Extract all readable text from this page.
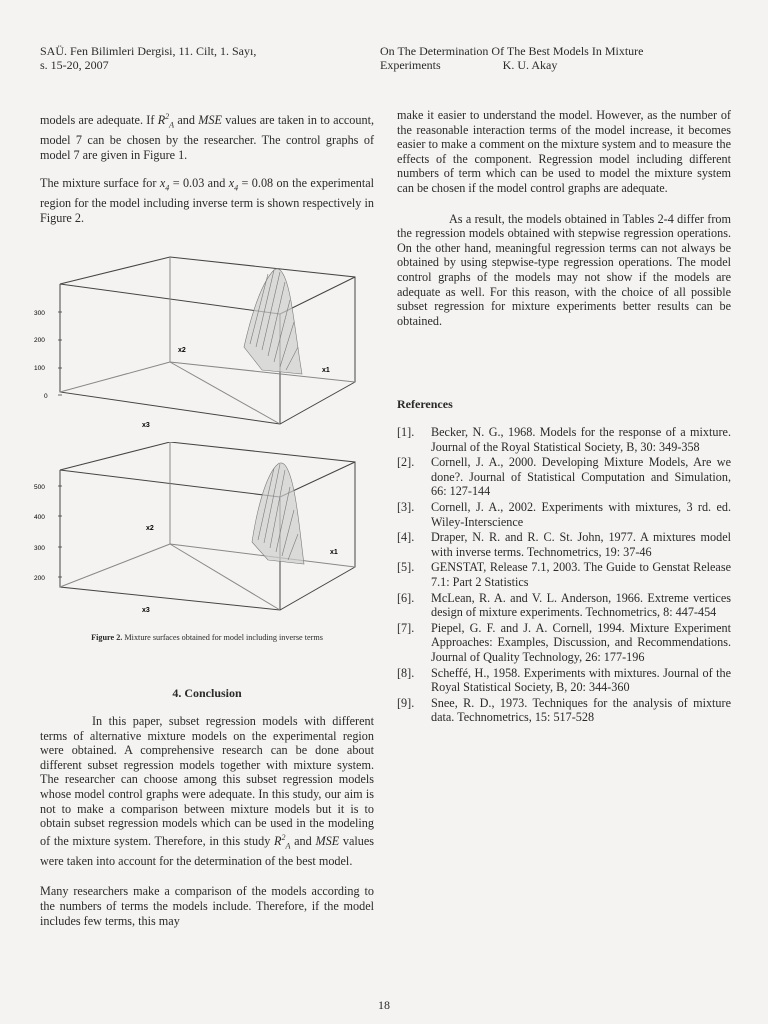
SAÜ. Fen Bilimleri Dergisi, 11. Cilt, 1. Sayı,
s. 15-20, 2007
On The Determination Of The Best Models In Mixture
Experiments	K. U. Akay

models are adequate. If $R^2_A$ and MSE values are taken in to account, model 7 can be chosen by the researcher. The control graphs of model 7 are given in Figure 1.

The mixture surface for $x_4 = 0.03$ and $x_4 = 0.08$ on the experimental region for the model including inverse term is shown respectively in Figure 2.

300
200
100
0
x2
x1
x3
500
400
300
200
x2
x1
x3
Figure 2. Mixture surfaces obtained for model including inverse terms
4. Conclusion

In this paper, subset regression models with different terms of alternative mixture models on the experimental region were obtained. A comprehensive research can be done about different subset regression models together with mixture system. The researcher can choose among this subset regression models whose model control graphs were adequate. In this study, our aim is not to make a comparison between mixture models but it is to obtain subset regression models which can be used in the modeling of the mixture system. Therefore, in this study $R^2_A$ and MSE values were taken into account for the determination of the best model.

Many researchers make a comparison of the models according to the numbers of terms the models include. Therefore, if the model includes few terms, this may

make it easier to understand the model. However, as the number of the reasonable interaction terms of the model increase, it becomes easier to make a comment on the mixture system and to measure the effects of the component. Regression model including different numbers of term which can be used to model the mixture system can be chosen if the model control graphs are adequate.

As a result, the models obtained in Tables 2-4 differ from the regression models obtained with stepwise regression operations. On the other hand, meaningful regression terms can not always be obtained by using stepwise-type regression operations. The model control graphs of the models may not show if the models are adequate as well. For this reason, with the choice of all possible subset regression for mixture experiments better results can be obtained.

References
[1]. Becker, N. G., 1968. Models for the response of a mixture. Journal of the Royal Statistical Society, B, 30: 349-358
[2]. Cornell, J. A., 2000. Developing Mixture Models, Are we done?. Journal of Statistical Computation and Simulation, 66: 127-144
[3]. Cornell, J. A., 2002. Experiments with mixtures, 3 rd. ed. Wiley-Interscience
[4]. Draper, N. R. and R. C. St. John, 1977. A mixtures model with inverse terms. Technometrics, 19: 37-46
[5]. GENSTAT, Release 7.1, 2003. The Guide to Genstat Release 7.1: Part 2 Statistics
[6]. McLean, R. A. and V. L. Anderson, 1966. Extreme vertices design of mixture experiments. Technometrics, 8: 447-454
[7]. Piepel, G. F. and J. A. Cornell, 1994. Mixture Experiment Approaches: Examples, Discussion, and Recommendations. Journal of Quality Technology, 26: 177-196
[8]. Scheffé, H., 1958. Experiments with mixtures. Journal of the Royal Statistical Society, B, 20: 344-360
[9]. Snee, R. D., 1973. Techniques for the analysis of mixture data. Technometrics, 15: 517-528
18
